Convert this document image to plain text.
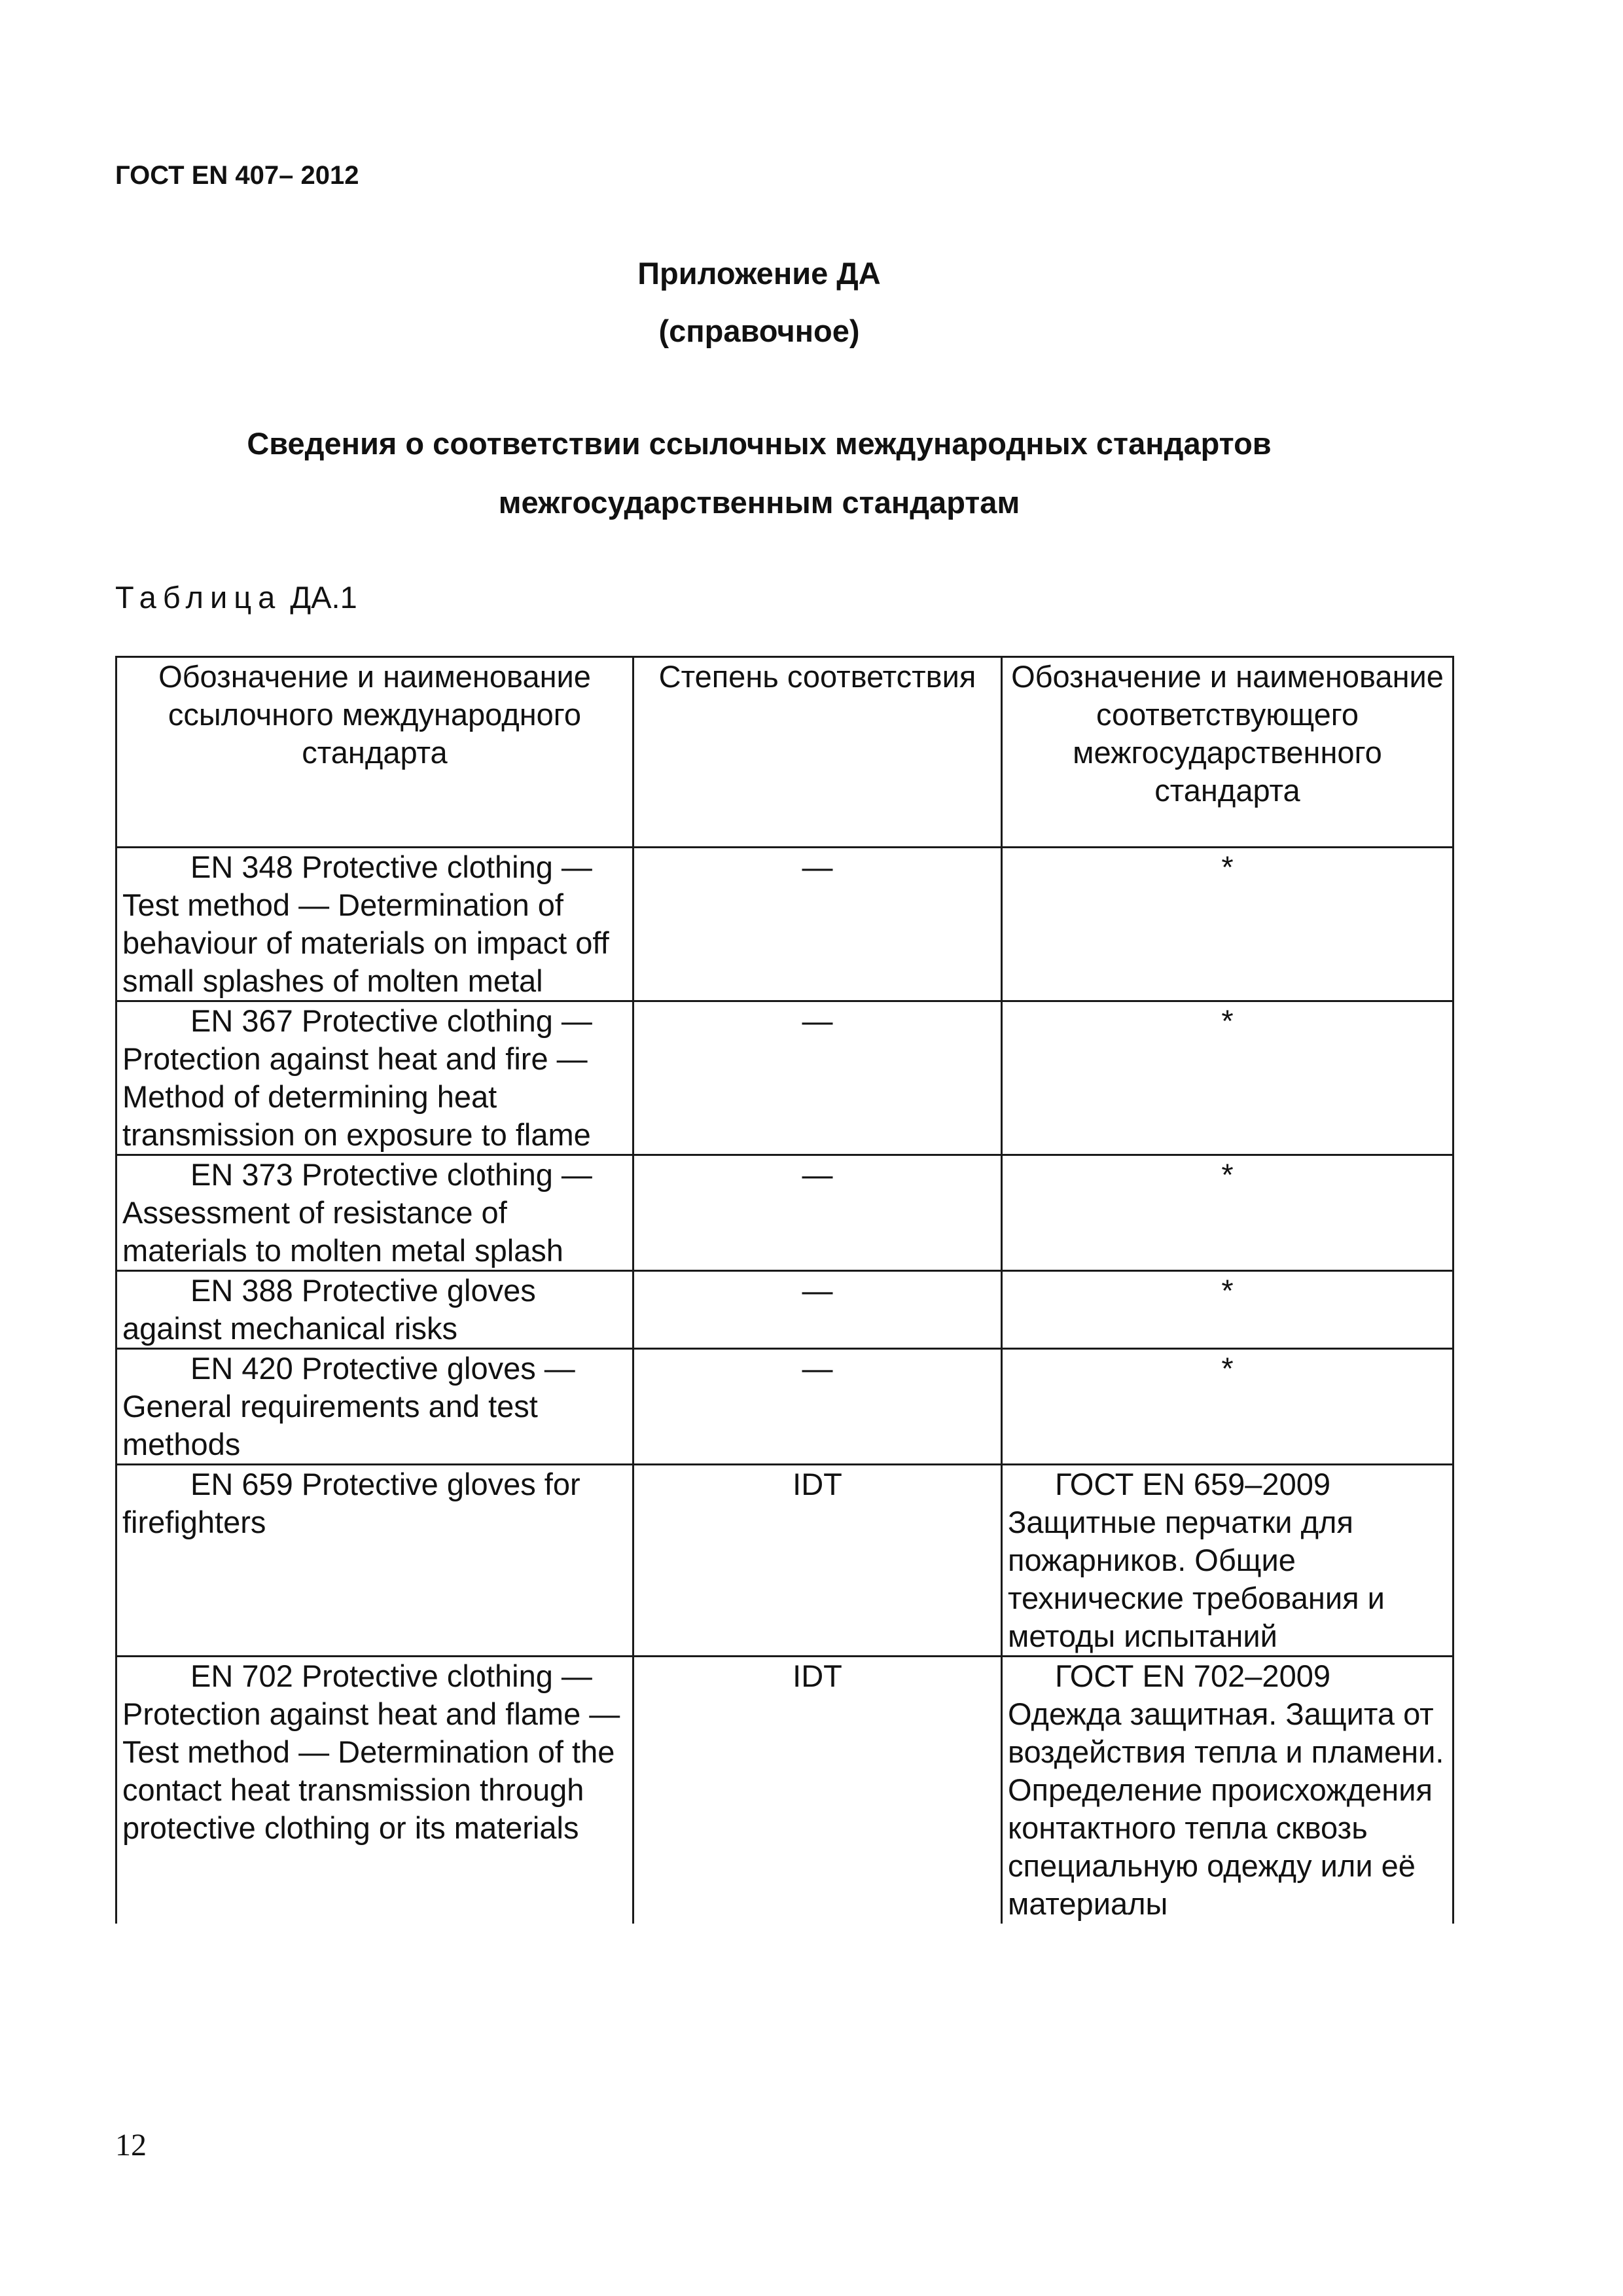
ГОСТ EN 407– 2012
Приложение ДА
(справочное)
Сведения о соответствии ссылочных международных стандартов
межгосударственным стандартам
Таблица ДА.1
Обозначение и наименование ссылочного международного стандарта	Степень соответствия	Обозначение и наименование соответствующего межгосударственного стандарта
EN 348 Protective clothing — Test method — Determination of behaviour of materials on impact off small splashes of molten metal	—	*
EN 367 Protective clothing — Protection against heat and fire — Method of determining heat transmission on exposure to flame	—	*
EN 373 Protective clothing — Assessment of resistance of materials to molten metal splash	—	*
EN 388 Protective gloves against mechanical risks	—	*
EN 420 Protective gloves — General requirements and test methods	—	*
EN 659 Protective gloves for firefighters	IDT	ГОСТ EN 659–2009 Защитные перчатки для пожарников. Общие технические требования и методы испытаний
EN 702 Protective clothing — Protection against heat and flame — Test method — Determination of the contact heat transmission through protective clothing or its materials	IDT	ГОСТ EN 702–2009 Одежда защитная. Защита от воздействия тепла и пламени. Определение происхождения контактного тепла сквозь специальную одежду или её материалы
12
